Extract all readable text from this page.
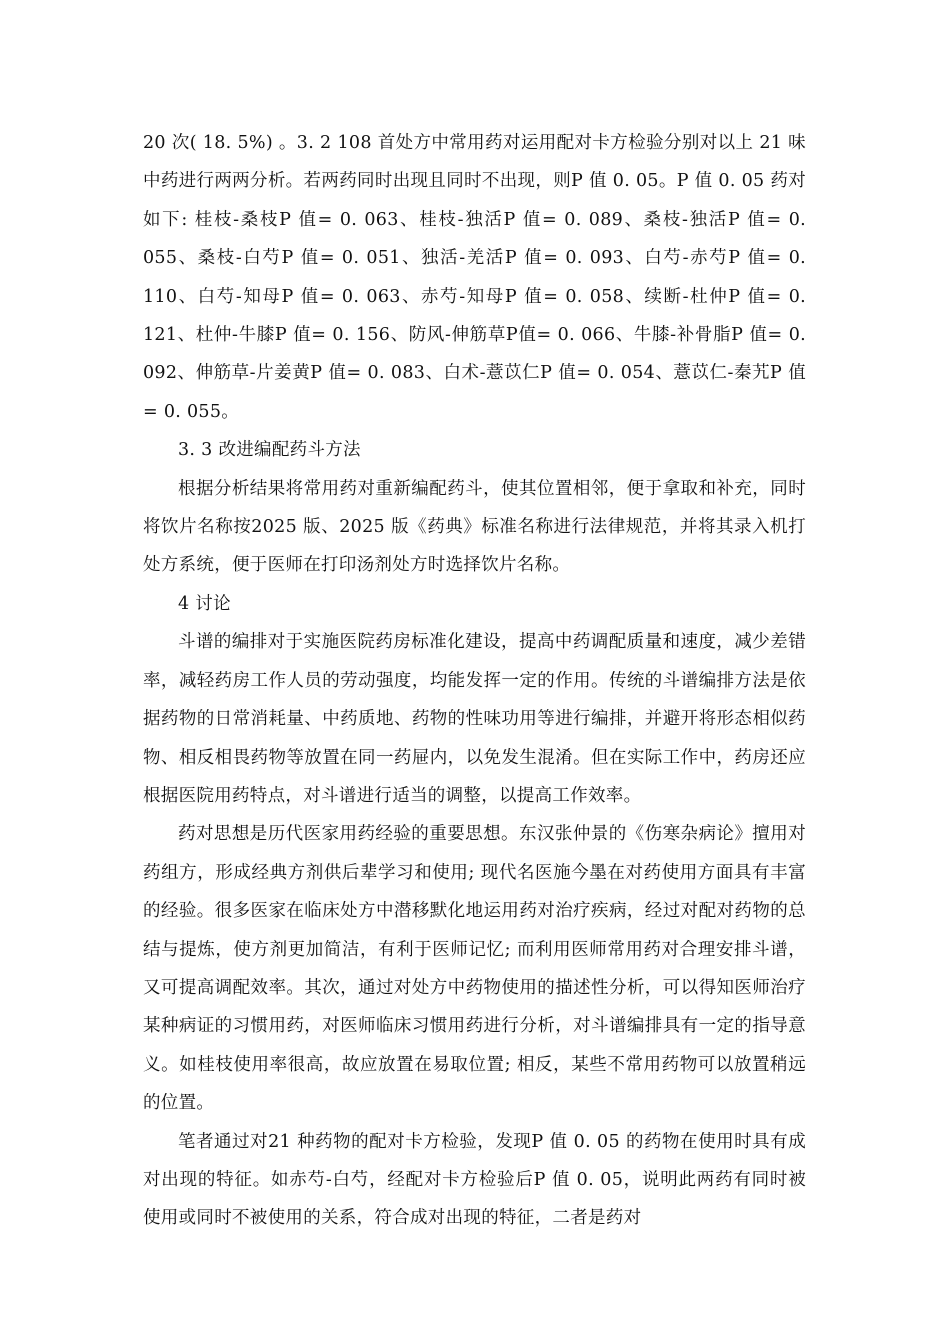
20 次( 18. 5%) 。3. 2 108 首处方中常用药对运用配对卡方检验分别对以上 21 味中药进行两两分析。若两药同时出现且同时不出现，则P 值 0. 05。P 值 0. 05 药对如下: 桂枝-桑枝P 值= 0. 063、桂枝-独活P 值= 0. 089、桑枝-独活P 值= 0. 055、桑枝-白芍P 值= 0. 051、独活-羌活P 值= 0. 093、白芍-赤芍P 值= 0. 110、白芍-知母P 值= 0. 063、赤芍-知母P 值= 0. 058、续断-杜仲P 值= 0. 121、杜仲-牛膝P 值= 0. 156、防风-伸筋草P值= 0. 066、牛膝-补骨脂P 值= 0. 092、伸筋草-片姜黄P 值= 0. 083、白术-薏苡仁P 值= 0. 054、薏苡仁-秦艽P 值= 0. 055。

3. 3 改进编配药斗方法

根据分析结果将常用药对重新编配药斗，使其位置相邻，便于拿取和补充，同时将饮片名称按2025 版、2025 版《药典》标准名称进行法律规范，并将其录入机打处方系统，便于医师在打印汤剂处方时选择饮片名称。

4 讨论

斗谱的编排对于实施医院药房标准化建设，提高中药调配质量和速度，减少差错率，减轻药房工作人员的劳动强度，均能发挥一定的作用。传统的斗谱编排方法是依据药物的日常消耗量、中药质地、药物的性味功用等进行编排，并避开将形态相似药物、相反相畏药物等放置在同一药屉内，以免发生混淆。但在实际工作中，药房还应根据医院用药特点，对斗谱进行适当的调整，以提高工作效率。

药对思想是历代医家用药经验的重要思想。东汉张仲景的《伤寒杂病论》擅用对药组方，形成经典方剂供后辈学习和使用; 现代名医施今墨在对药使用方面具有丰富的经验。很多医家在临床处方中潜移默化地运用药对治疗疾病，经过对配对药物的总结与提炼，使方剂更加简洁，有利于医师记忆; 而利用医师常用药对合理安排斗谱，又可提高调配效率。其次，通过对处方中药物使用的描述性分析，可以得知医师治疗某种病证的习惯用药，对医师临床习惯用药进行分析，对斗谱编排具有一定的指导意义。如桂枝使用率很高，故应放置在易取位置; 相反，某些不常用药物可以放置稍远的位置。

笔者通过对21 种药物的配对卡方检验，发现P 值 0. 05 的药物在使用时具有成对出现的特征。如赤芍-白芍，经配对卡方检验后P 值 0. 05，说明此两药有同时被使用或同时不被使用的关系，符合成对出现的特征，二者是药对
